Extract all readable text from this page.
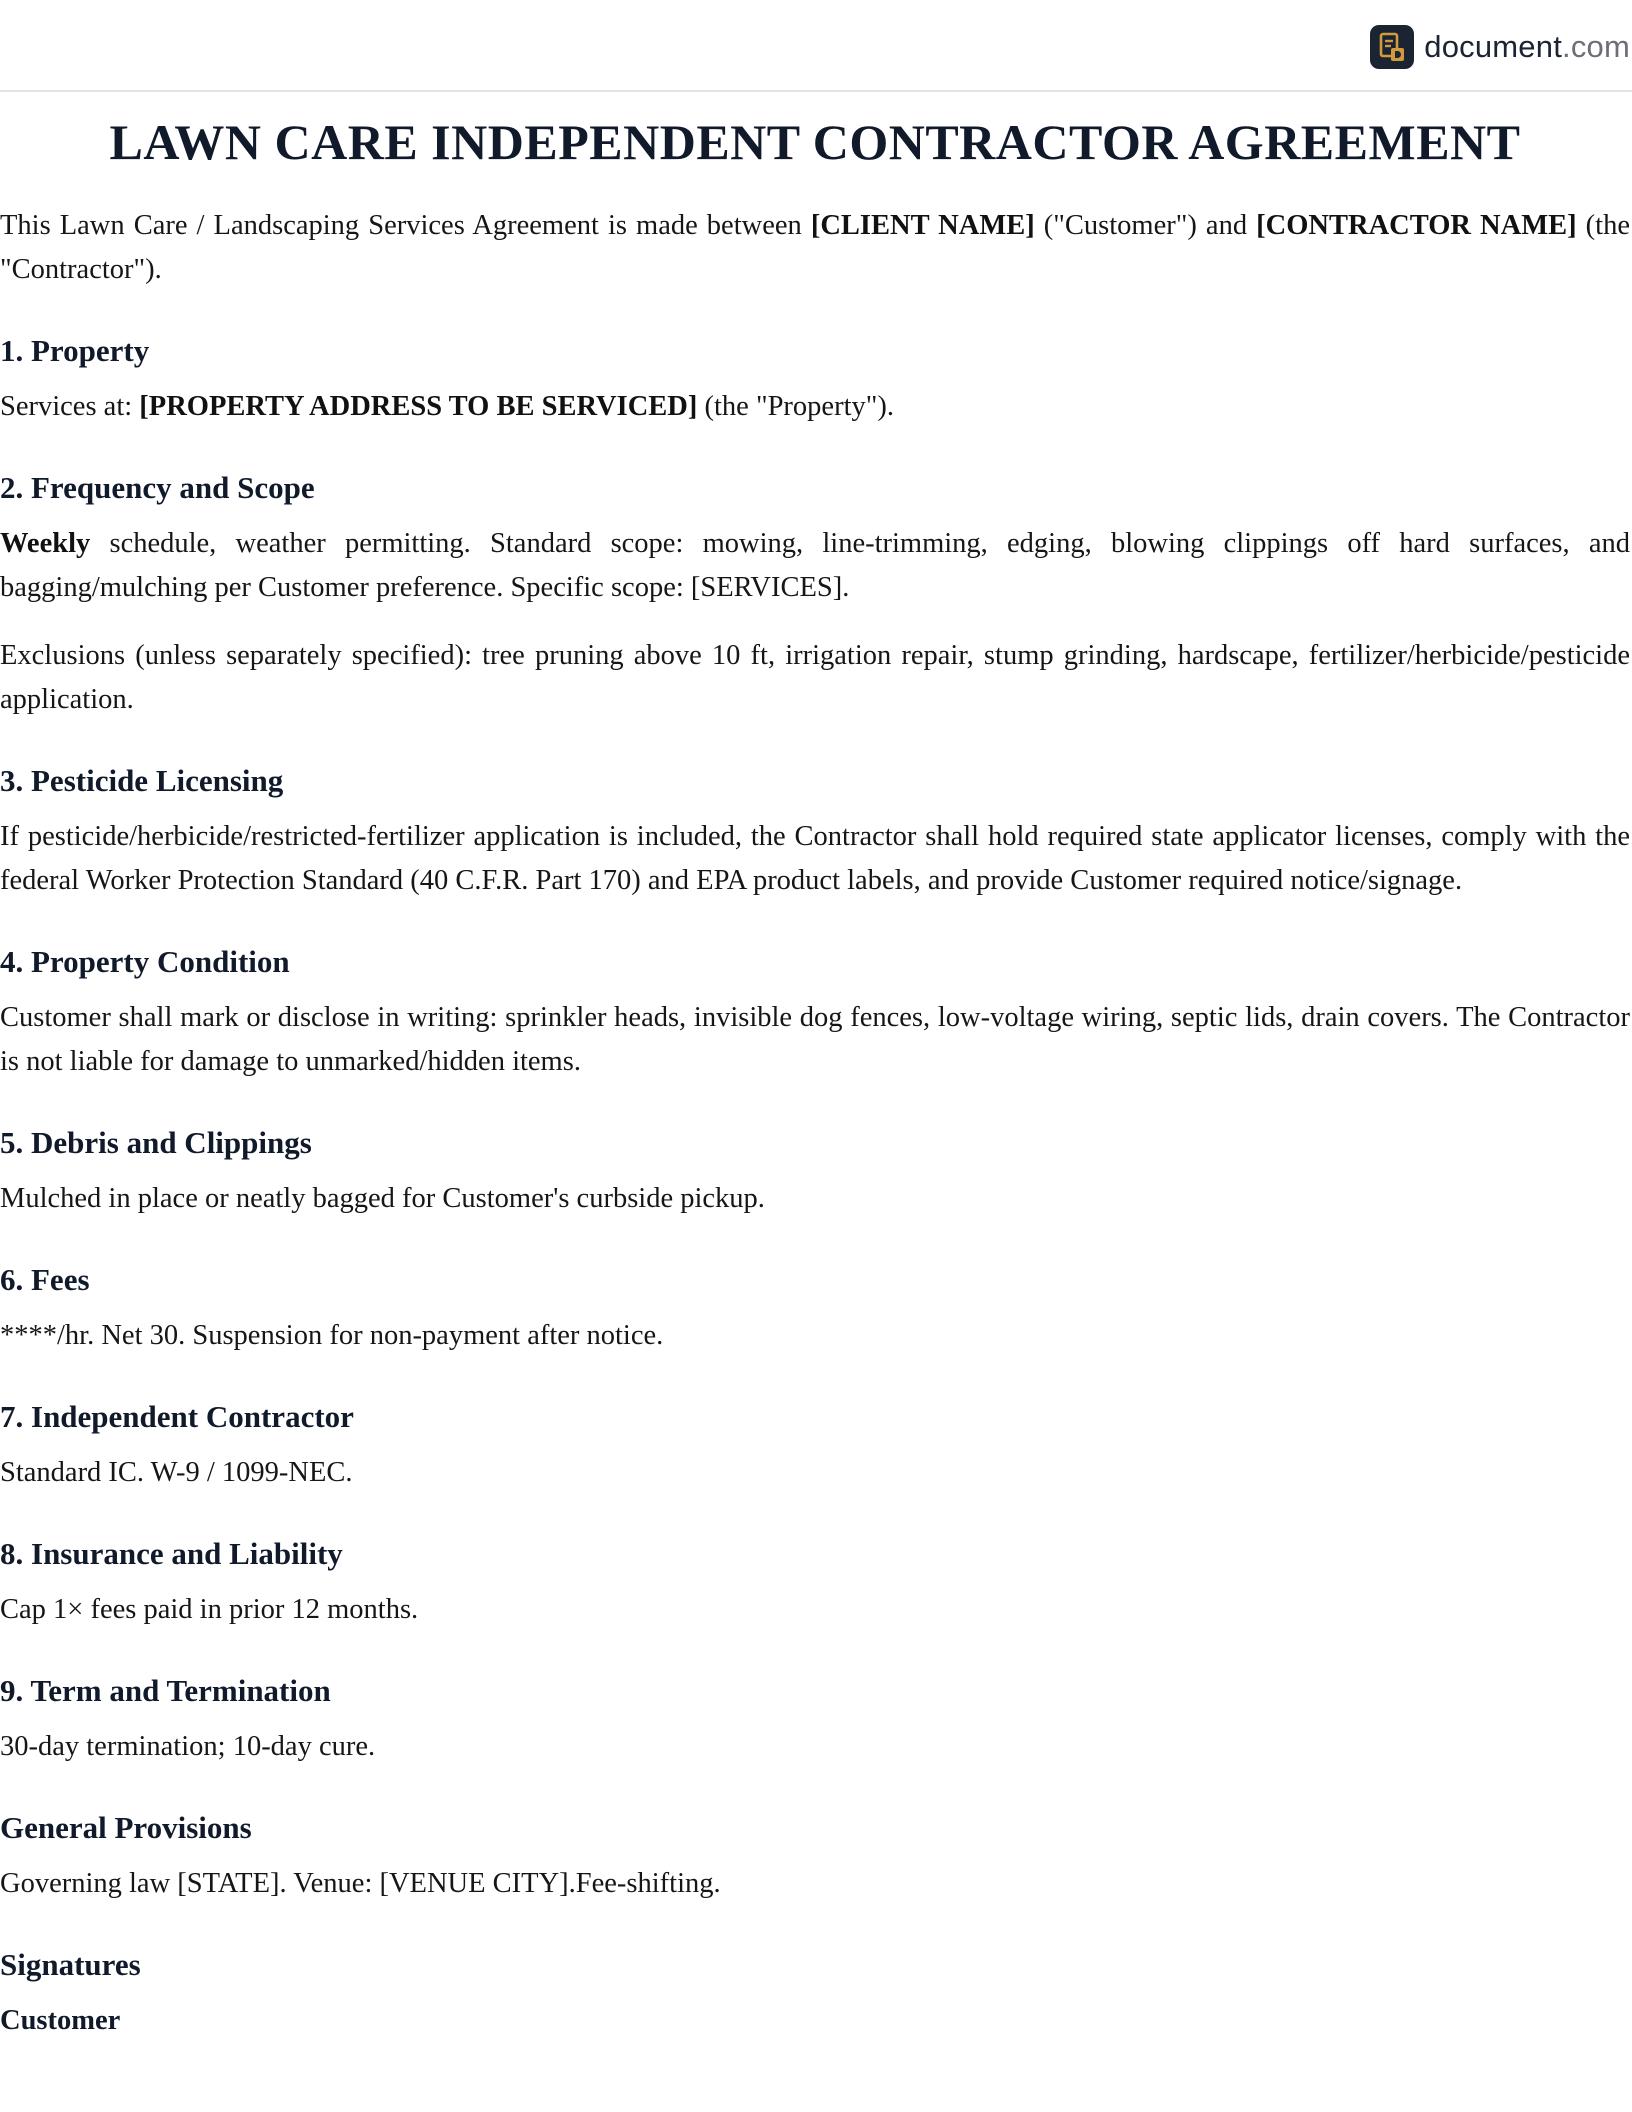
document.com
LAWN CARE INDEPENDENT CONTRACTOR AGREEMENT

This Lawn Care / Landscaping Services Agreement is made between [CLIENT NAME] ("Customer") and [CONTRACTOR NAME] (the "Contractor").

1. Property

Services at: [PROPERTY ADDRESS TO BE SERVICED] (the "Property").

2. Frequency and Scope

Weekly schedule, weather permitting. Standard scope: mowing, line-trimming, edging, blowing clippings off hard surfaces, and bagging/mulching per Customer preference. Specific scope: [SERVICES].

Exclusions (unless separately specified): tree pruning above 10 ft, irrigation repair, stump grinding, hardscape, fertilizer/herbicide/pesticide application.

3. Pesticide Licensing

If pesticide/herbicide/restricted-fertilizer application is included, the Contractor shall hold required state applicator licenses, comply with the federal Worker Protection Standard (40 C.F.R. Part 170) and EPA product labels, and provide Customer required notice/signage.

4. Property Condition

Customer shall mark or disclose in writing: sprinkler heads, invisible dog fences, low-voltage wiring, septic lids, drain covers. The Contractor is not liable for damage to unmarked/hidden items.

5. Debris and Clippings

Mulched in place or neatly bagged for Customer's curbside pickup.

6. Fees

****/hr. Net 30. Suspension for non-payment after notice.

7. Independent Contractor

Standard IC. W-9 / 1099-NEC.

8. Insurance and Liability

Cap 1× fees paid in prior 12 months.

9. Term and Termination

30-day termination; 10-day cure.

General Provisions

Governing law [STATE]. Venue: [VENUE CITY].Fee-shifting.

Signatures
Customer
